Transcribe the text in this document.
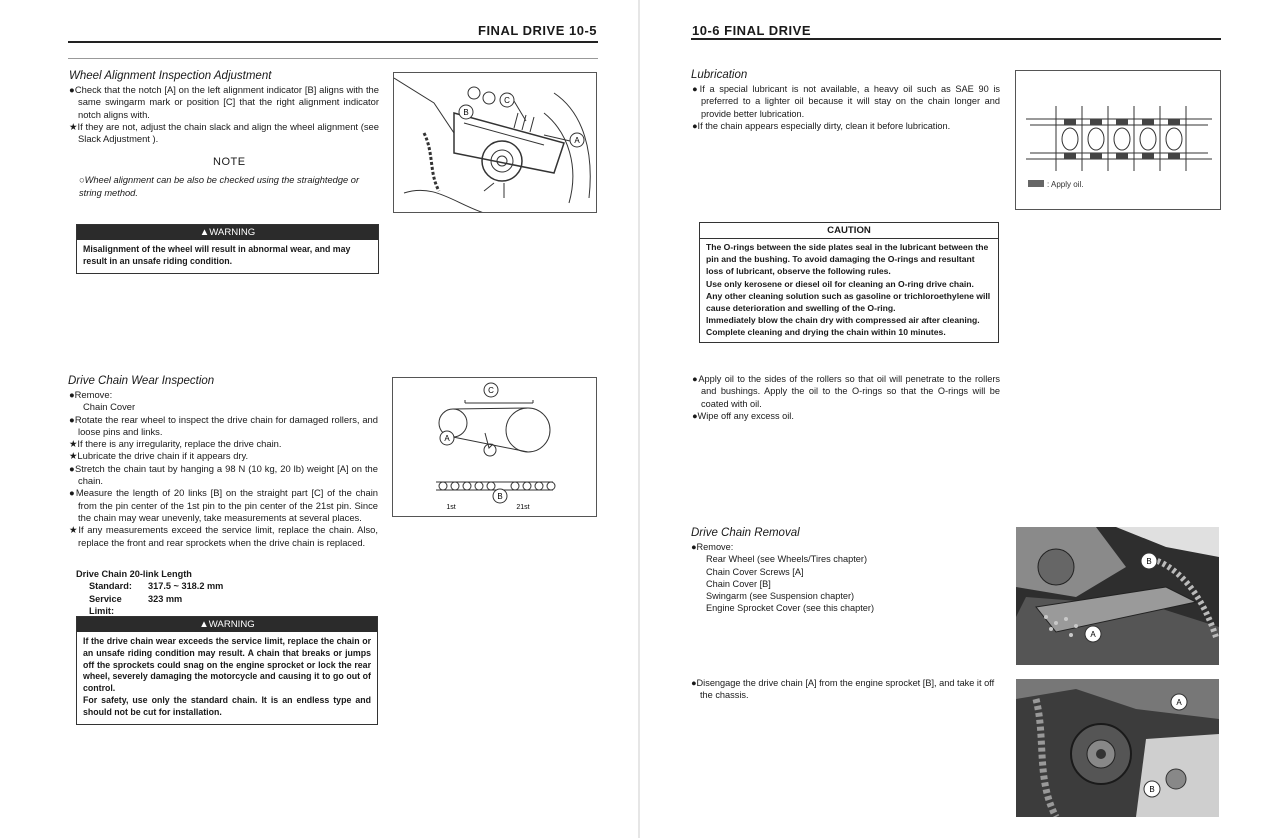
FINAL DRIVE 10-5
Wheel Alignment Inspection Adjustment

●Check that the notch [A] on the left alignment indicator [B] aligns with the same swingarm mark or position [C] that the right alignment indicator notch aligns with.

★If they are not, adjust the chain slack and align the wheel alignment (see Slack Adjustment ).

NOTE
○Wheel alignment can be also be checked using the straightedge or string method.
B
C
A
▲WARNING
Misalignment of the wheel will result in abnormal wear, and may result in an unsafe riding condition.
Drive Chain Wear Inspection

●Remove:

Chain Cover

●Rotate the rear wheel to inspect the drive chain for damaged rollers, and loose pins and links.

★If there is any irregularity, replace the drive chain.

★Lubricate the drive chain if it appears dry.

●Stretch the chain taut by hanging a 98 N (10 kg, 20 lb) weight [A] on the chain.

●Measure the length of 20 links [B] on the straight part [C] of the chain from the pin center of the 1st pin to the pin center of the 21st pin. Since the chain may wear unevenly, take measurements at several places.

★If any measurements exceed the service limit, replace the chain. Also, replace the front and rear sprockets when the drive chain is replaced.

Drive Chain 20-link Length
Standard:	317.5 ~ 318.2 mm
Service Limit:
323 mm
▲WARNING

If the drive chain wear exceeds the service limit, replace the chain or an unsafe riding condition may result. A chain that breaks or jumps off the sprockets could snag on the engine sprocket or lock the rear wheel, severely damaging the motorcycle and causing it to go out of control.

For safety, use only the standard chain. It is an endless type and should not be cut for installation.

C
A
B
1st	21st
10-6 FINAL DRIVE
Lubrication

●If a special lubricant is not available, a heavy oil such as SAE 90 is preferred to a lighter oil because it will stay on the chain longer and provide better lubrication.

●If the chain appears especially dirty, clean it before lubrication.

: Apply oil.
CAUTION

The O-rings between the side plates seal in the lubricant between the pin and the bushing. To avoid damaging the O-rings and resultant loss of lubricant, observe the following rules.

Use only kerosene or diesel oil for cleaning an O-ring drive chain. Any other cleaning solution such as gasoline or trichloroethylene will cause deterioration and swelling of the O-ring.

Immediately blow the chain dry with compressed air after cleaning. Complete cleaning and drying the chain within 10 minutes.

●Apply oil to the sides of the rollers so that oil will penetrate to the rollers and bushings. Apply the oil to the O-rings so that the O-rings will be coated with oil.

●Wipe off any excess oil.

Drive Chain Removal

●Remove:

Rear Wheel (see Wheels/Tires chapter)

Chain Cover Screws [A]

Chain Cover [B]

Swingarm (see Suspension chapter)

Engine Sprocket Cover (see this chapter)

●Disengage the drive chain [A] from the engine sprocket [B], and take it off the chassis.

B
A
A
B
